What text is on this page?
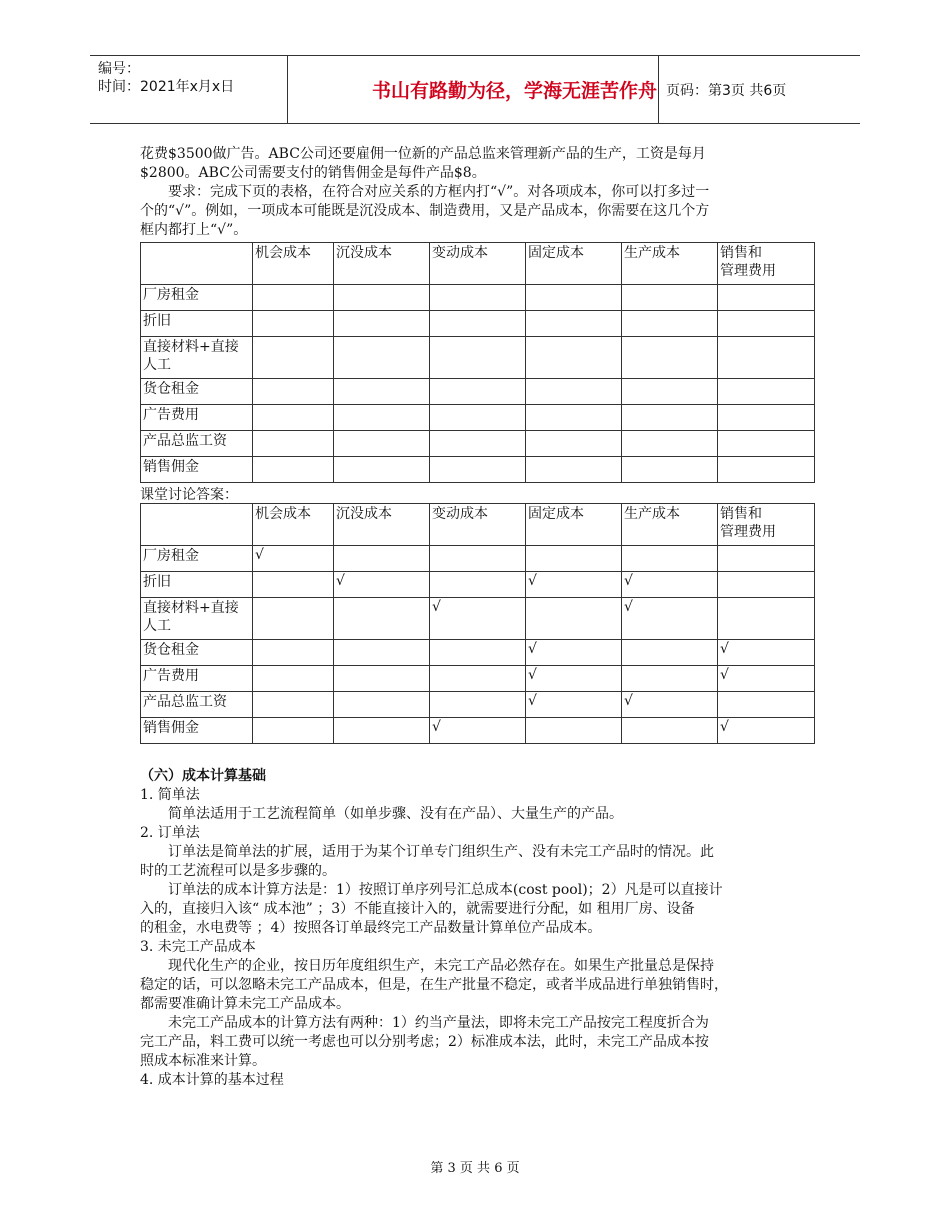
编号：
时间：2021年x月x日	书山有路勤为径，学海无涯苦作舟 页码：第3页 共6页
花费$3500做广告。ABC公司还要雇佣一位新的产品总监来管理新产品的生产，工资是每月
$2800。ABC公司需要支付的销售佣金是每件产品$8。
　　要求：完成下页的表格，在符合对应关系的方框内打“√”。对各项成本，你可以打多过一
个的“√”。例如，一项成本可能既是沉没成本、制造费用，又是产品成本，你需要在这几个方
框内都打上“√”。
	机会成本	沉没成本	变动成本	固定成本	生产成本	销售和
管理费用
厂房租金						
折旧						
直接材料+直接人工						
货仓租金						
广告费用						
产品总监工资						
销售佣金						
课堂讨论答案：
	机会成本	沉没成本	变动成本	固定成本	生产成本	销售和
管理费用
厂房租金	√					
折旧		√		√	√	
直接材料+直接人工			√		√	
货仓租金				√		√
广告费用				√		√
产品总监工资				√	√	
销售佣金			√			√
（六）成本计算基础
1. 简单法
　　简单法适用于工艺流程简单（如单步骤、没有在产品）、大量生产的产品。
2. 订单法
　　订单法是简单法的扩展，适用于为某个订单专门组织生产、没有未完工产品时的情况。此
时的工艺流程可以是多步骤的。
　　订单法的成本计算方法是：1）按照订单序列号汇总成本(cost pool)；2）凡是可以直接计
入的，直接归入该“ 成本池” ；3）不能直接计入的，就需要进行分配，如 租用厂房、设备
的租金，水电费等 ；4）按照各订单最终完工产品数量计算单位产品成本。
3. 未完工产品成本
　　现代化生产的企业，按日历年度组织生产，未完工产品必然存在。如果生产批量总是保持
稳定的话，可以忽略未完工产品成本，但是，在生产批量不稳定，或者半成品进行单独销售时，
都需要准确计算未完工产品成本。
　　未完工产品成本的计算方法有两种：1）约当产量法，即将未完工产品按完工程度折合为
完工产品，料工费可以统一考虑也可以分别考虑；2）标准成本法，此时，未完工产品成本按
照成本标准来计算。
4. 成本计算的基本过程
第 3 页 共 6 页
